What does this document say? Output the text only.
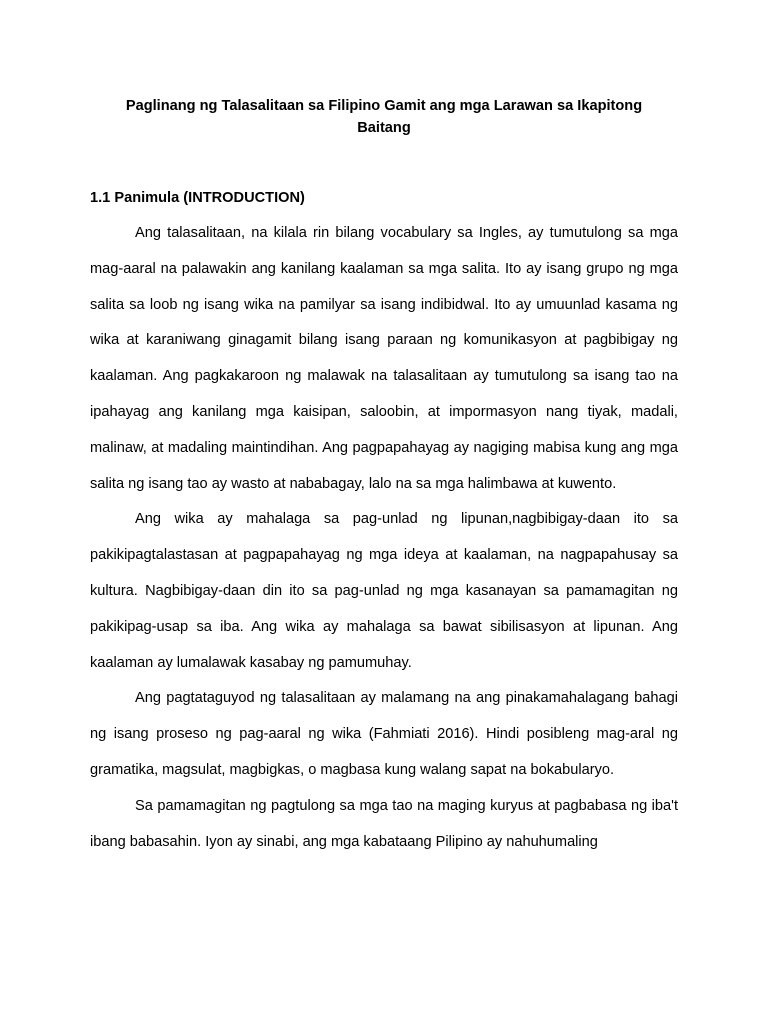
Paglinang ng Talasalitaan sa Filipino Gamit ang mga Larawan sa Ikapitong Baitang
1.1 Panimula (INTRODUCTION)

Ang talasalitaan, na kilala rin bilang vocabulary sa Ingles, ay tumutulong sa mga mag-aaral na palawakin ang kanilang kaalaman sa mga salita. Ito ay isang grupo ng mga salita sa loob ng isang wika na pamilyar sa isang indibidwal. Ito ay umuunlad kasama ng wika at karaniwang ginagamit bilang isang paraan ng komunikasyon at pagbibigay ng kaalaman. Ang pagkakaroon ng malawak na talasalitaan ay tumutulong sa isang tao na ipahayag ang kanilang mga kaisipan, saloobin, at impormasyon nang tiyak, madali, malinaw, at madaling maintindihan. Ang pagpapahayag ay nagiging mabisa kung ang mga salita ng isang tao ay wasto at nababagay, lalo na sa mga halimbawa at kuwento.

Ang wika ay mahalaga sa pag-unlad ng lipunan,nagbibigay-daan ito sa pakikipagtalastasan at pagpapahayag ng mga ideya at kaalaman, na nagpapahusay sa kultura. Nagbibigay-daan din ito sa pag-unlad ng mga kasanayan sa pamamagitan ng pakikipag-usap sa iba. Ang wika ay mahalaga sa bawat sibilisasyon at lipunan. Ang kaalaman ay lumalawak kasabay ng pamumuhay.

Ang pagtataguyod ng talasalitaan ay malamang na ang pinakamahalagang bahagi ng isang proseso ng pag-aaral ng wika (Fahmiati 2016). Hindi posibleng mag-aral ng gramatika, magsulat, magbigkas, o magbasa kung walang sapat na bokabularyo.

Sa pamamagitan ng pagtulong sa mga tao na maging kuryus at pagbabasa ng iba't ibang babasahin. Iyon ay sinabi, ang mga kabataang Pilipino ay nahuhumaling
